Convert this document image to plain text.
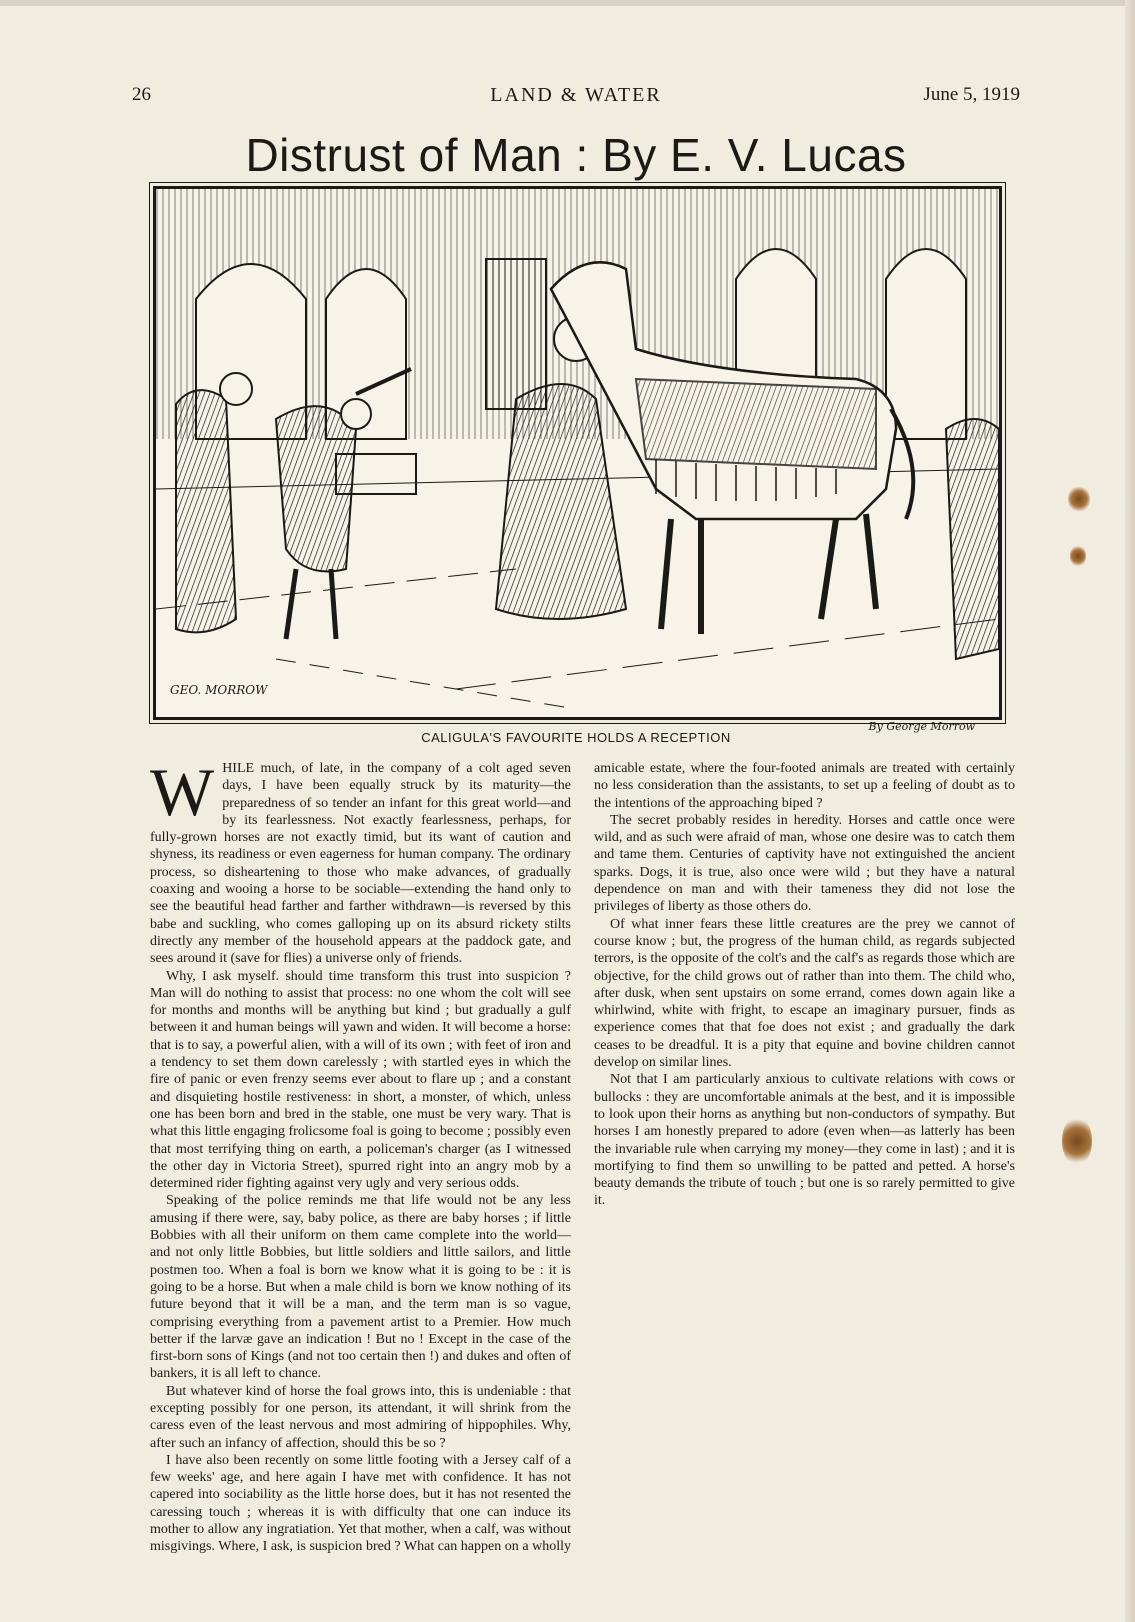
26	LAND & WATER	June 5, 1919
Distrust of Man : By E. V. Lucas
GEO. MORROW
By George Morrow
CALIGULA'S FAVOURITE HOLDS A RECEPTION

WHILE much, of late, in the company of a colt aged seven days, I have been equally struck by its maturity—the preparedness of so tender an infant for this great world—and by its fearlessness. Not exactly fearlessness, perhaps, for fully-grown horses are not exactly timid, but its want of caution and shyness, its readiness or even eagerness for human company. The ordinary process, so disheartening to those who make advances, of gradually coaxing and wooing a horse to be sociable—extending the hand only to see the beautiful head farther and farther withdrawn—is reversed by this babe and suckling, who comes galloping up on its absurd rickety stilts directly any member of the household appears at the paddock gate, and sees around it (save for flies) a universe only of friends.

Why, I ask myself. should time transform this trust into suspicion ? Man will do nothing to assist that process: no one whom the colt will see for months and months will be anything but kind ; but gradually a gulf between it and human beings will yawn and widen. It will become a horse: that is to say, a powerful alien, with a will of its own ; with feet of iron and a tendency to set them down carelessly ; with startled eyes in which the fire of panic or even frenzy seems ever about to flare up ; and a constant and disquieting hostile restiveness: in short, a monster, of which, unless one has been born and bred in the stable, one must be very wary. That is what this little engaging frolicsome foal is going to become ; possibly even that most terrifying thing on earth, a policeman's charger (as I witnessed the other day in Victoria Street), spurred right into an angry mob by a determined rider fighting against very ugly and very serious odds.

Speaking of the police reminds me that life would not be any less amusing if there were, say, baby police, as there are baby horses ; if little Bobbies with all their uniform on them came complete into the world—and not only little Bobbies, but little soldiers and little sailors, and little postmen too. When a foal is born we know what it is going to be : it is going to be a horse. But when a male child is born we know nothing of its future beyond that it will be a man, and the term man is so vague, comprising everything from a pavement artist to a Premier. How much better if the larvæ gave an indication ! But no ! Except in the case of the first-born sons of Kings (and not too certain then !) and dukes and often of bankers, it is all left to chance.

But whatever kind of horse the foal grows into, this is undeniable : that excepting possibly for one person, its attendant, it will shrink from the caress even of the least nervous and most admiring of hippophiles. Why, after such an infancy of affection, should this be so ?

I have also been recently on some little footing with a Jersey calf of a few weeks' age, and here again I have met with confidence. It has not capered into sociability as the little horse does, but it has not resented the caressing touch ; whereas it is with difficulty that one can induce its mother to allow any ingratiation. Yet that mother, when a calf, was without misgivings. Where, I ask, is suspicion bred ? What can happen on a wholly amicable estate, where the four-footed animals are treated with certainly no less consideration than the assistants, to set up a feeling of doubt as to the intentions of the approaching biped ?

The secret probably resides in heredity. Horses and cattle once were wild, and as such were afraid of man, whose one desire was to catch them and tame them. Centuries of captivity have not extinguished the ancient sparks. Dogs, it is true, also once were wild ; but they have a natural dependence on man and with their tameness they did not lose the privileges of liberty as those others do.

Of what inner fears these little creatures are the prey we cannot of course know ; but, the progress of the human child, as regards subjected terrors, is the opposite of the colt's and the calf's as regards those which are objective, for the child grows out of rather than into them. The child who, after dusk, when sent upstairs on some errand, comes down again like a whirlwind, white with fright, to escape an imaginary pursuer, finds as experience comes that that foe does not exist ; and gradually the dark ceases to be dreadful. It is a pity that equine and bovine children cannot develop on similar lines.

Not that I am particularly anxious to cultivate relations with cows or bullocks : they are uncomfortable animals at the best, and it is impossible to look upon their horns as anything but non-conductors of sympathy. But horses I am honestly prepared to adore (even when—as latterly has been the invariable rule when carrying my money—they come in last) ; and it is mortifying to find them so unwilling to be patted and petted. A horse's beauty demands the tribute of touch ; but one is so rarely permitted to give it.
